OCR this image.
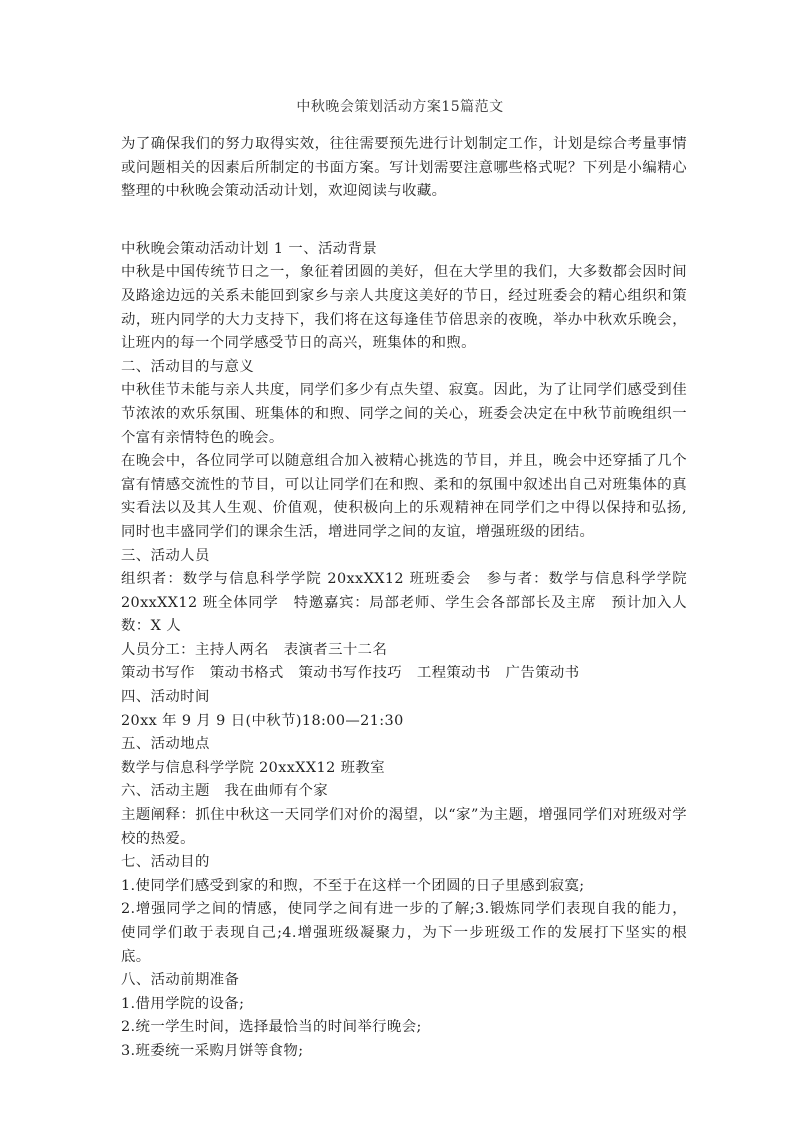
中秋晚会策划活动方案15篇范文

为了确保我们的努力取得实效，往往需要预先进行计划制定工作，计划是综合考量事情或问题相关的因素后所制定的书面方案。写计划需要注意哪些格式呢？下列是小编精心整理的中秋晚会策动活动计划，欢迎阅读与收藏。

中秋晚会策动活动计划 1 一、活动背景

中秋是中国传统节日之一，象征着团圆的美好，但在大学里的我们，大多数都会因时间及路途边远的关系未能回到家乡与亲人共度这美好的节日，经过班委会的精心组织和策动，班内同学的大力支持下，我们将在这每逢佳节倍思亲的夜晚，举办中秋欢乐晚会，让班内的每一个同学感受节日的高兴，班集体的和煦。

二、活动目的与意义

中秋佳节未能与亲人共度，同学们多少有点失望、寂寞。因此，为了让同学们感受到佳节浓浓的欢乐氛围、班集体的和煦、同学之间的关心，班委会决定在中秋节前晚组织一个富有亲情特色的晚会。

在晚会中，各位同学可以随意组合加入被精心挑选的节目，并且，晚会中还穿插了几个富有情感交流性的节目，可以让同学们在和煦、柔和的氛围中叙述出自己对班集体的真实看法以及其人生观、价值观，使积极向上的乐观精神在同学们之中得以保持和弘扬,同时也丰盛同学们的课余生活，增进同学之间的友谊，增强班级的团结。

三、活动人员

组织者：数学与信息科学学院 20xxXX12 班班委会　参与者：数学与信息科学学院 20xxXX12 班全体同学　特邀嘉宾：局部老师、学生会各部部长及主席　预计加入人数：X 人

人员分工：主持人两名　表演者三十二名

策动书写作　策动书格式　策动书写作技巧　工程策动书　广告策动书

四、活动时间

20xx 年 9 月 9 日(中秋节)18:00—21:30

五、活动地点

数学与信息科学学院 20xxXX12 班教室

六、活动主题　我在曲师有个家

主题阐释：抓住中秋这一天同学们对价的渴望，以“家”为主题，增强同学们对班级对学校的热爱。

七、活动目的

1.使同学们感受到家的和煦，不至于在这样一个团圆的日子里感到寂寞;

2.增强同学之间的情感，使同学之间有进一步的了解;3.锻炼同学们表现自我的能力，使同学们敢于表现自己;4.增强班级凝聚力，为下一步班级工作的发展打下坚实的根底。

八、活动前期准备

1.借用学院的设备;

2.统一学生时间，选择最恰当的时间举行晚会;

3.班委统一采购月饼等食物;
